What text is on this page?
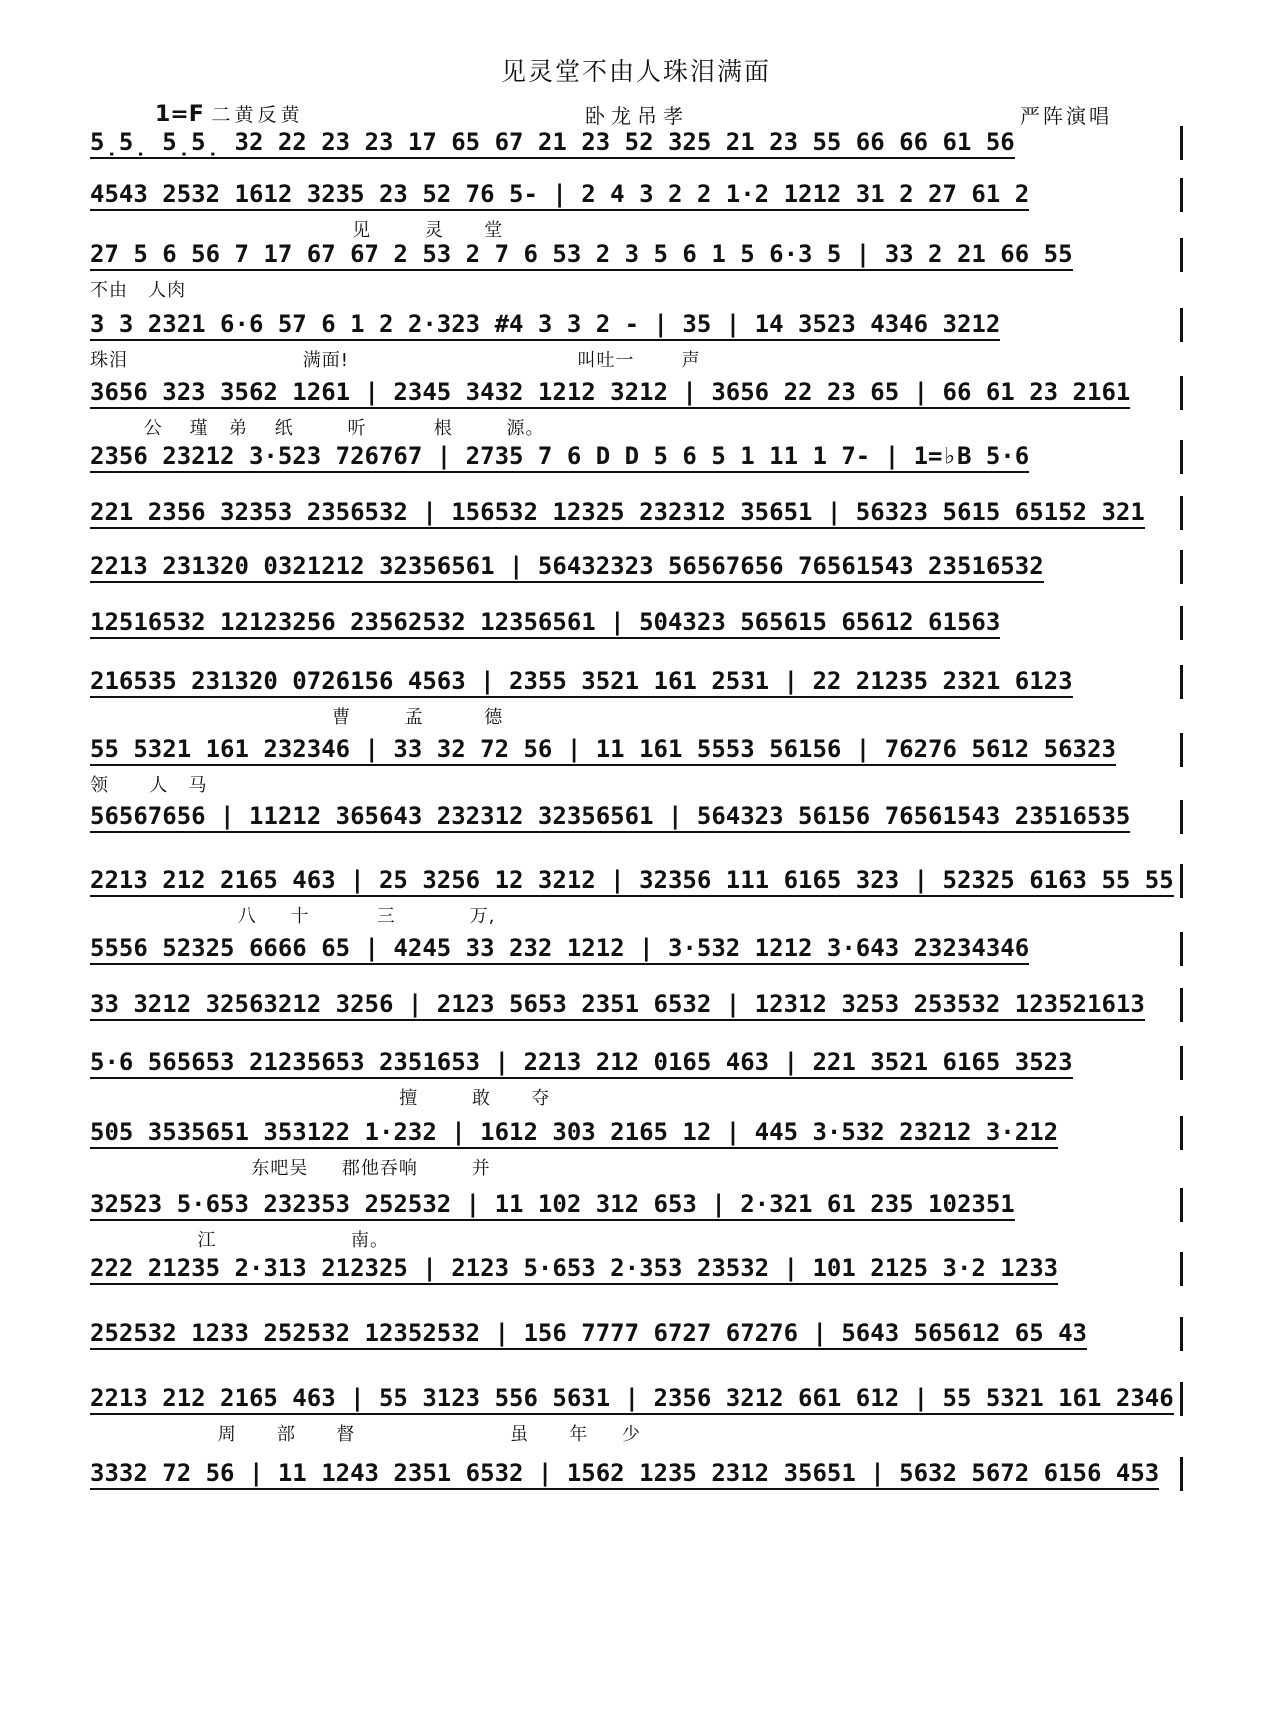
见灵堂不由人珠泪满面
1=F 二黄反黄	卧龙吊孝	严阵演唱
5̣5̣ 5̣5̣ 32 22 23 23 17 65 67 21 23 52 325 21 23 55 66 66 61 56
4543 2532 1612 3235 23 52 76 5- | 2 4 3 2 2 1·2 1212 31 2 27 61 2
见        灵      堂
27 5 6 56 7 17 67 67 2 53 2 7 6 53 2 3 5 6 1 5 6·3 5 | 33 2 21 66 55
不由   人肉
3 3 2321 6·6 57 6 1 2 2·323 #4 3 3 2 - | 35 | 14 3523 4346 3212
珠泪                          满面!                                  叫吐一       声
3656 323 3562 1261 | 2345 3432 1212 3212 | 3656 22 23 65 | 66 61 23 2161
公    瑾   弟    纸        听          根        源。
2356 23212 3·523 726767 | 2735 7 6 D D 5 6 5 1 11 1 7- | 1=♭B 5·6
221 2356 32353 2356532 | 156532 12325 232312 35651 | 56323 5615 65152 321
2213 231320 0321212 32356561 | 56432323 56567656 76561543 23516532
12516532 12123256 23562532 12356561 | 504323 565615 65612 61563
216535 231320 0726156 4563 | 2355 3521 161 2531 | 22 21235 2321 6123
曹        孟         德
55 5321 161 232346 | 33 32 72 56 | 11 161 5553 56156 | 76276 5612 56323
领      人   马
56567656 | 11212 365643 232312 32356561 | 564323 56156 76561543 23516535
2213 212 2165 463 | 25 3256 12 3212 | 32356 111 6165 323 | 52325 6163 55 55
八     十          三           万,
5556 52325 6666 65 | 4245 33 232 1212 | 3·532 1212 3·643 23234346
33 3212 32563212 3256 | 2123 5653 2351 6532 | 12312 3253 253532 123521613
5·6 565653 21235653 2351653 | 2213 212 0165 463 | 221 3521 6165 3523
擅        敢      夺
505 3535651 353122 1·232 | 1612 303 2165 12 | 445 3·532 23212 3·212
东吧吴     郡他吞响        并
32523 5·653 232353 252532 | 11 102 312 653 | 2·321 61 235 102351
江                    南。
222 21235 2·313 212325 | 2123 5·653 2·353 23532 | 101 2125 3·2 1233
252532 1233 252532 12352532 | 156 7777 6727 67276 | 5643 565612 65 43
2213 212 2165 463 | 55 3123 556 5631 | 2356 3212 661 612 | 55 5321 161 2346
周      部      督                       虽      年     少
3332 72 56 | 11 1243 2351 6532 | 1562 1235 2312 35651 | 5632 5672 6156 453
